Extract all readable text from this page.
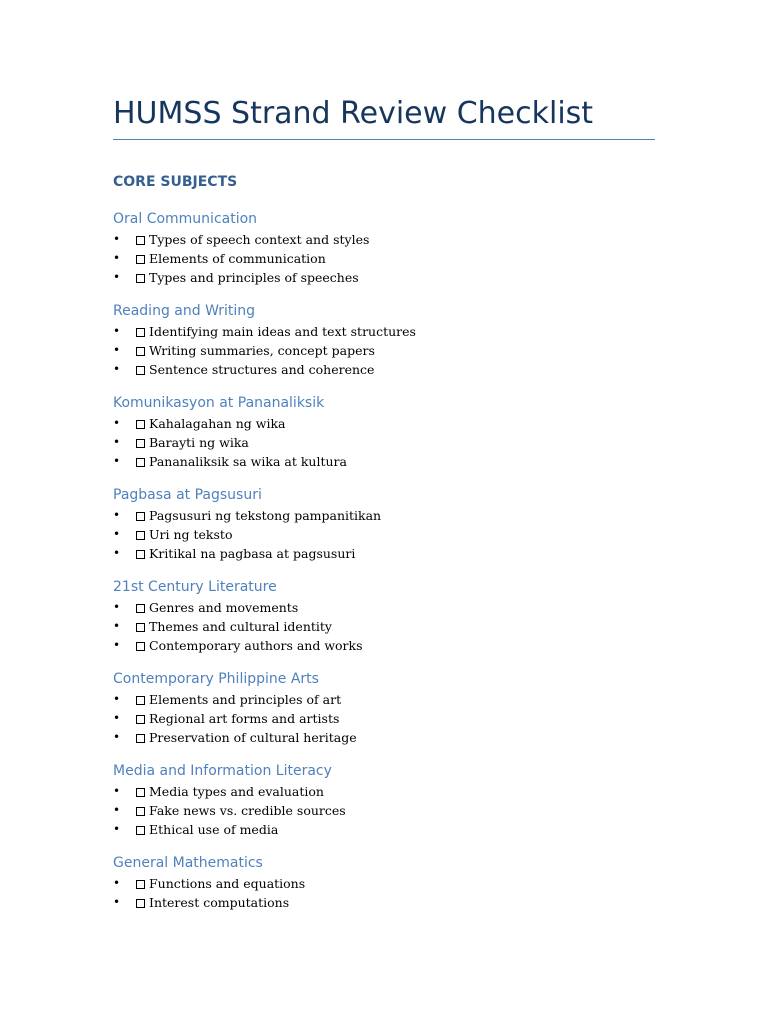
HUMSS Strand Review Checklist
CORE SUBJECTS
Oral Communication
• Types of speech context and styles
• Elements of communication
• Types and principles of speeches
Reading and Writing
• Identifying main ideas and text structures
• Writing summaries, concept papers
• Sentence structures and coherence
Komunikasyon at Pananaliksik
• Kahalagahan ng wika
• Barayti ng wika
• Pananaliksik sa wika at kultura
Pagbasa at Pagsusuri
• Pagsusuri ng tekstong pampanitikan
• Uri ng teksto
• Kritikal na pagbasa at pagsusuri
21st Century Literature
• Genres and movements
• Themes and cultural identity
• Contemporary authors and works
Contemporary Philippine Arts
• Elements and principles of art
• Regional art forms and artists
• Preservation of cultural heritage
Media and Information Literacy
• Media types and evaluation
• Fake news vs. credible sources
• Ethical use of media
General Mathematics
• Functions and equations
• Interest computations
